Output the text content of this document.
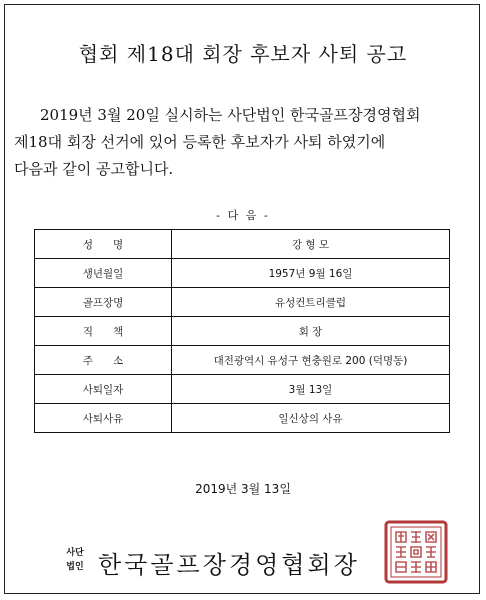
협회 제18대 회장 후보자 사퇴 공고
2019년 3월 20일 실시하는 사단법인 한국골프장경영협회
제18대 회장 선거에 있어 등록한 후보자가 사퇴 하였기에
다음과 같이 공고합니다.
- 다 음 -
성      명	강 형 모
생년월일	1957년 9월 16일
골프장명	유성컨트리클럽
직      책	회 장
주      소	대전광역시 유성구 현충원로 200 (덕명동)
사퇴일자	3월 13일
사퇴사유	일신상의 사유
2019년 3월 13일
사단
법인 한국골프장경영협회장
